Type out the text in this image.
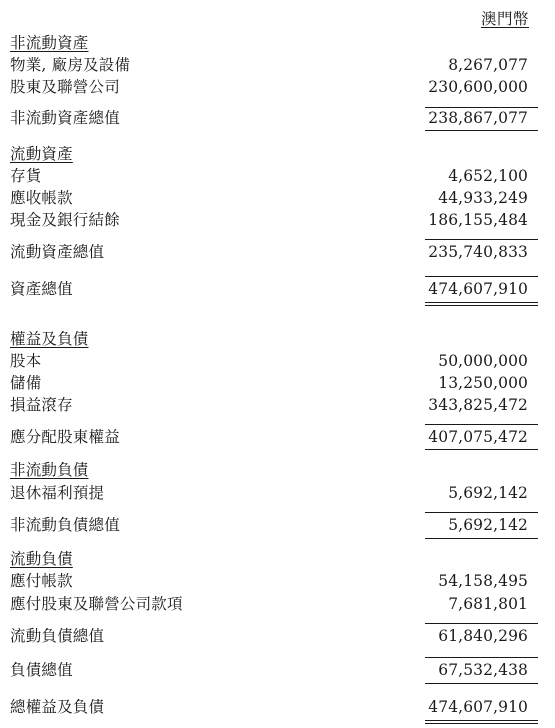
澳門幣
非流動資產
物業, 廠房及設備	8,267,077
股東及聯營公司	230,600,000
非流動資產總值	238,867,077
流動資產
存貨	4,652,100
應收帳款	44,933,249
現金及銀行結餘	186,155,484
流動資產總值	235,740,833
資產總值	474,607,910
權益及負債
股本	50,000,000
儲備	13,250,000
損益滾存	343,825,472
應分配股東權益	407,075,472
非流動負債
退休福利預提	5,692,142
非流動負債總值	5,692,142
流動負債
應付帳款	54,158,495
應付股東及聯營公司款項	7,681,801
流動負債總值	61,840,296
負債總值	67,532,438
總權益及負債	474,607,910
